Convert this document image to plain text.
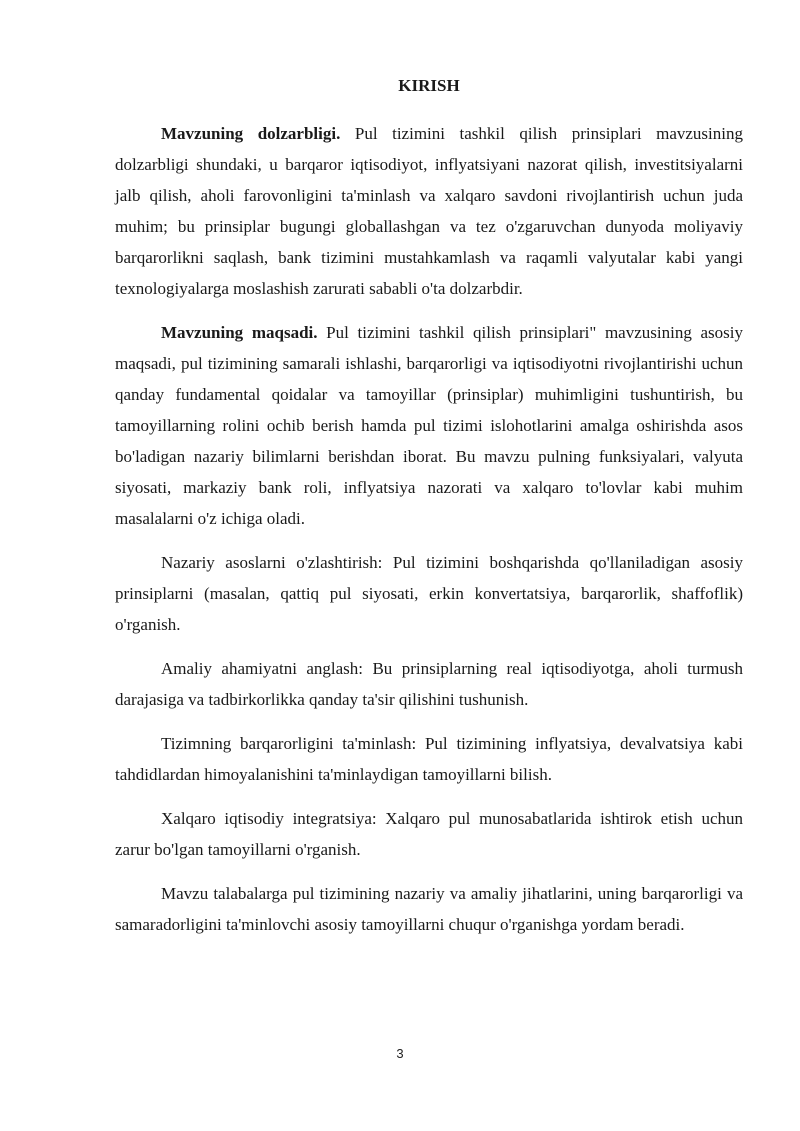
KIRISH

Mavzuning dolzarbligi. Pul tizimini tashkil qilish prinsiplari mavzusining dolzarbligi shundaki, u barqaror iqtisodiyot, inflyatsiyani nazorat qilish, investitsiyalarni jalb qilish, aholi farovonligini ta'minlash va xalqaro savdoni rivojlantirish uchun juda muhim; bu prinsiplar bugungi globallashgan va tez o'zgaruvchan dunyoda moliyaviy barqarorlikni saqlash, bank tizimini mustahkamlash va raqamli valyutalar kabi yangi texnologiyalarga moslashish zarurati sababli o'ta dolzarbdir.

Mavzuning maqsadi. Pul tizimini tashkil qilish prinsiplari" mavzusining asosiy maqsadi, pul tizimining samarali ishlashi, barqarorligi va iqtisodiyotni rivojlantirishi uchun qanday fundamental qoidalar va tamoyillar (prinsiplar) muhimligini tushuntirish, bu tamoyillarning rolini ochib berish hamda pul tizimi islohotlarini amalga oshirishda asos bo'ladigan nazariy bilimlarni berishdan iborat. Bu mavzu pulning funksiyalari, valyuta siyosati, markaziy bank roli, inflyatsiya nazorati va xalqaro to'lovlar kabi muhim masalalarni o'z ichiga oladi.

Nazariy asoslarni o'zlashtirish: Pul tizimini boshqarishda qo'llaniladigan asosiy prinsiplarni (masalan, qattiq pul siyosati, erkin konvertatsiya, barqarorlik, shaffoflik) o'rganish.

Amaliy ahamiyatni anglash: Bu prinsiplarning real iqtisodiyotga, aholi turmush darajasiga va tadbirkorlikka qanday ta'sir qilishini tushunish.

Tizimning barqarorligini ta'minlash: Pul tizimining inflyatsiya, devalvatsiya kabi tahdidlardan himoyalanishini ta'minlaydigan tamoyillarni bilish.

Xalqaro iqtisodiy integratsiya: Xalqaro pul munosabatlarida ishtirok etish uchun zarur bo'lgan tamoyillarni o'rganish.

Mavzu talabalarga pul tizimining nazariy va amaliy jihatlarini, uning barqarorligi va samaradorligini ta'minlovchi asosiy tamoyillarni chuqur o'rganishga yordam beradi.

3
